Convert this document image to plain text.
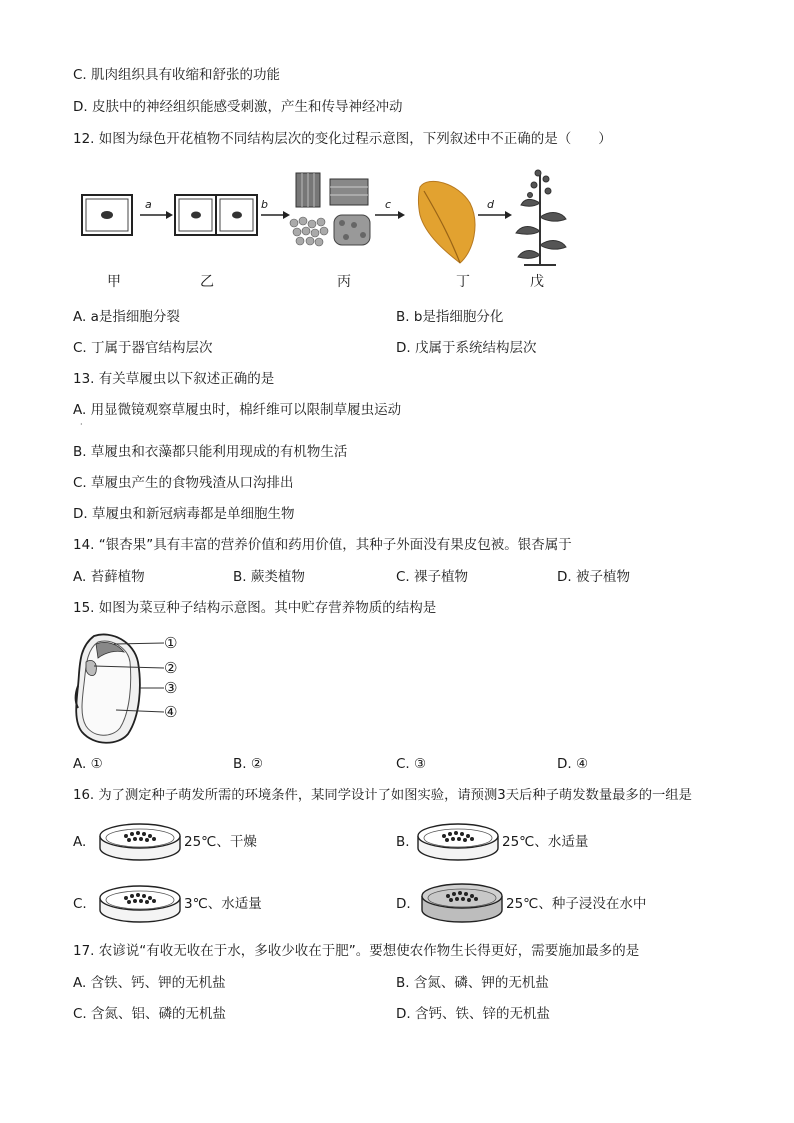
C. 肌肉组织具有收缩和舒张的功能
D. 皮肤中的神经组织能感受刺激，产生和传导神经冲动
12. 如图为绿色开花植物不同结构层次的变化过程示意图，下列叙述中不正确的是（　　）
a	b	c	d
甲	乙	丙	丁	戊
A. a是指细胞分裂	B. b是指细胞分化
C. 丁属于器官结构层次	D. 戊属于系统结构层次
13. 有关草履虫以下叙述正确的是
A. 用显微镜观察草履虫时，棉纤维可以限制草履虫运动
·
B. 草履虫和衣藻都只能利用现成的有机物生活
C. 草履虫产生的食物残渣从口沟排出
D. 草履虫和新冠病毒都是单细胞生物
14. “银杏果”具有丰富的营养价值和药用价值，其种子外面没有果皮包被。银杏属于
A. 苔藓植物	B. 蕨类植物	C. 裸子植物	D. 被子植物
15. 如图为菜豆种子结构示意图。其中贮存营养物质的结构是
①
②
③
④
A. ①	B. ②	C. ③	D. ④
16. 为了测定种子萌发所需的环境条件，某同学设计了如图实验，请预测3天后种子萌发数量最多的一组是
A.	25℃、干燥	B.	25℃、水适量
C.	3℃、水适量	D.	25℃、种子浸没在水中
17. 农谚说“有收无收在于水，多收少收在于肥”。要想使农作物生长得更好，需要施加最多的是
A. 含铁、钙、钾的无机盐	B. 含氮、磷、钾的无机盐
C. 含氮、铝、磷的无机盐	D. 含钙、铁、锌的无机盐
